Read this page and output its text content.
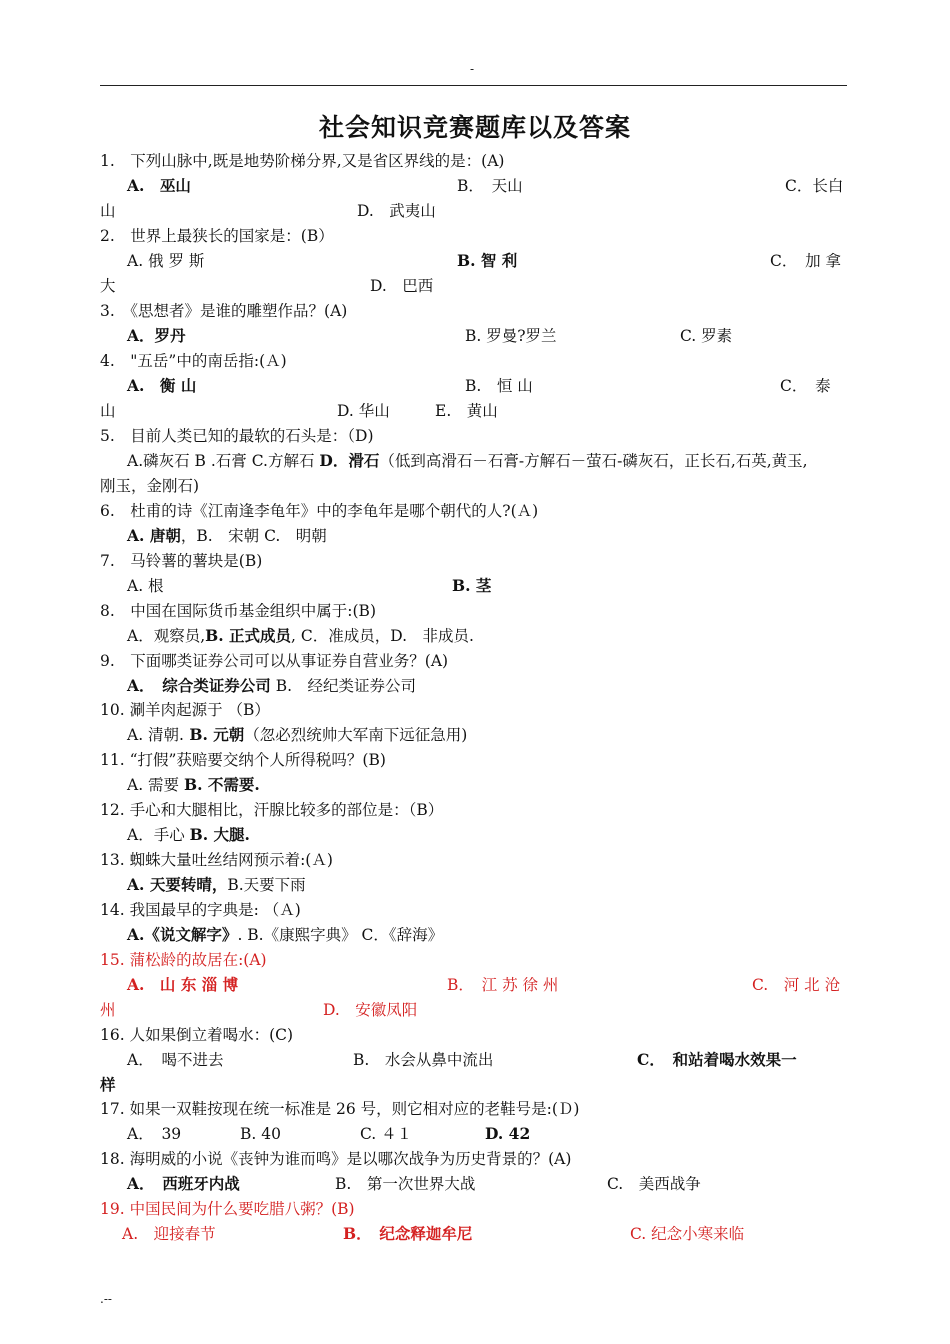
-
社会知识竞赛题库以及答案
1.　下列山脉中,既是地势阶梯分界,又是省区界线的是：(A)
A.　巫山	B．　天山	C．长白
山	D.　武夷山
2.　世界上最狭长的国家是：(B）
A. 俄 罗 斯	B. 智 利	C．　加 拿
大	D.　巴西
3.　《思想者》是谁的雕塑作品？(A)
A．罗丹	B. 罗曼?罗兰	C. 罗素
4.　"五岳”中的南岳指:(Ａ)
A.　衡 山	B.　恒 山	C．　泰
山	D. 华山	E.　黄山
5.　目前人类已知的最软的石头是：（D)
A.磷灰石 B .石膏 C.方解石 D．滑石（低到高滑石－石膏-方解石－萤石-磷灰石，正长石,石英,黄玉,
刚玉，金刚石)
6.　杜甫的诗《江南逢李龟年》中的李龟年是哪个朝代的人?(Ａ)
A. 唐朝，B.　宋朝 C.　明朝
7.　马铃薯的薯块是(B)
A. 根	B. 茎
8.　中国在国际货币基金组织中属于:(B)
A．观察员,B. 正式成员, C．准成员，D.　非成员.
9.　下面哪类证券公司可以从事证券自营业务？(A)
A．　综合类证券公司 B.　经纪类证券公司
10. 涮羊肉起源于 （B）
A. 清朝. B. 元朝（忽必烈统帅大军南下远征急用)
11. “打假”获赔要交纳个人所得税吗？(B)
A. 需要 B. 不需要.
12. 手心和大腿相比，汗腺比较多的部位是：（B）
A．手心 B. 大腿.
13. 蜘蛛大量吐丝结网预示着:(Ａ)
A. 天要转晴，B.天要下雨
14. 我国最早的字典是: （Ａ)
A.《说文解字》. B.《康熙字典》 C．《辞海》
15. 蒲松龄的故居在:(A)
A.　山 东 淄 博	B．　江 苏 徐 州	C.　河 北 沧
州	D.　安徽凤阳
16. 人如果倒立着喝水：(C)
A．　喝不进去	B.　水会从鼻中流出	C．　和站着喝水效果一
样
17. 如果一双鞋按现在统一标准是 26 号，则它相对应的老鞋号是:(Ｄ)
A．　39	B. 40	C. ４１	D. 42
18. 海明威的小说《丧钟为谁而鸣》是以哪次战争为历史背景的？(A)
A．　西班牙内战	B.　第一次世界大战	C.　美西战争
19. 中国民间为什么要吃腊八粥？(B)
A.　迎接春节	B．　纪念释迦牟尼	C. 纪念小寒来临
.--
